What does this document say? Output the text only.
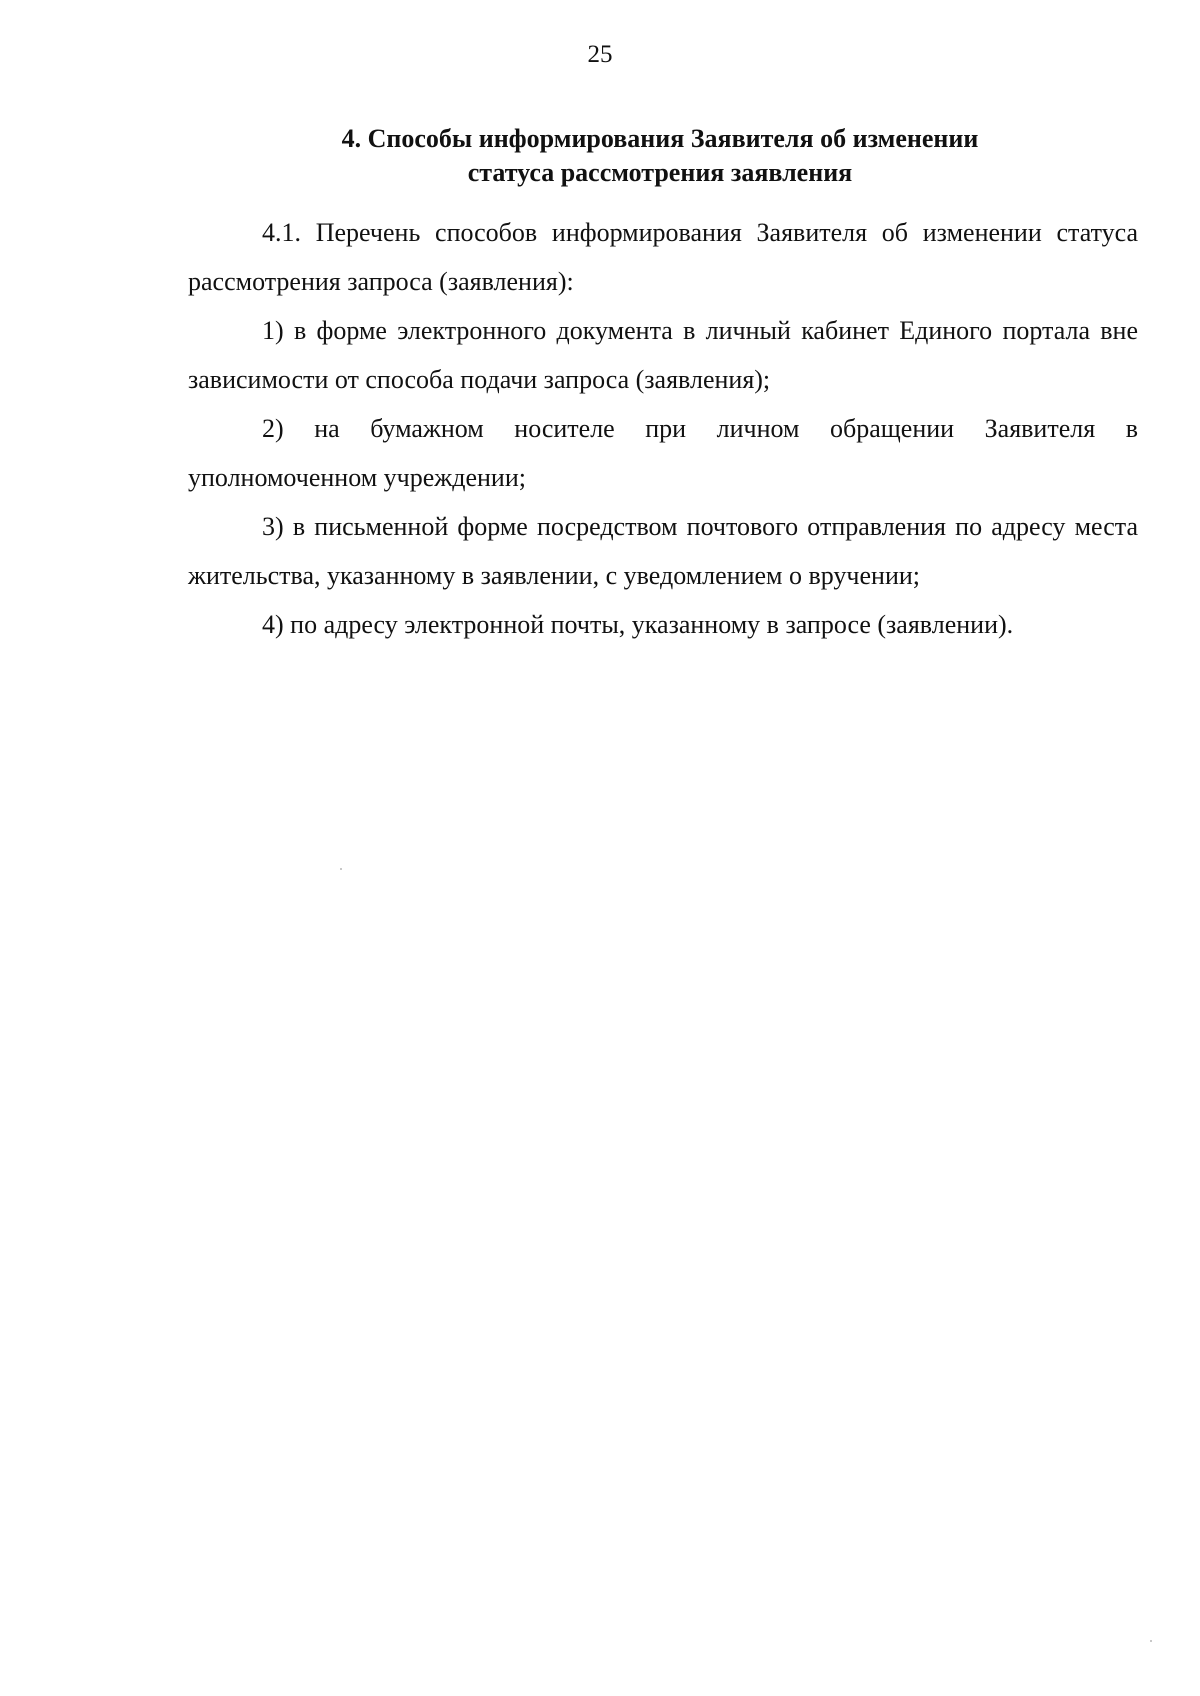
25
4. Способы информирования Заявителя об изменении
статуса рассмотрения заявления

4.1. Перечень способов информирования Заявителя об изменении статуса рассмотрения запроса (заявления):

1) в форме электронного документа в личный кабинет Единого портала вне зависимости от способа подачи запроса (заявления);

2) на бумажном носителе при личном обращении Заявителя в уполномоченном учреждении;

3) в письменной форме посредством почтового отправления по адресу места жительства, указанному в заявлении, с уведомлением о вручении;

4) по адресу электронной почты, указанному в запросе (заявлении).
